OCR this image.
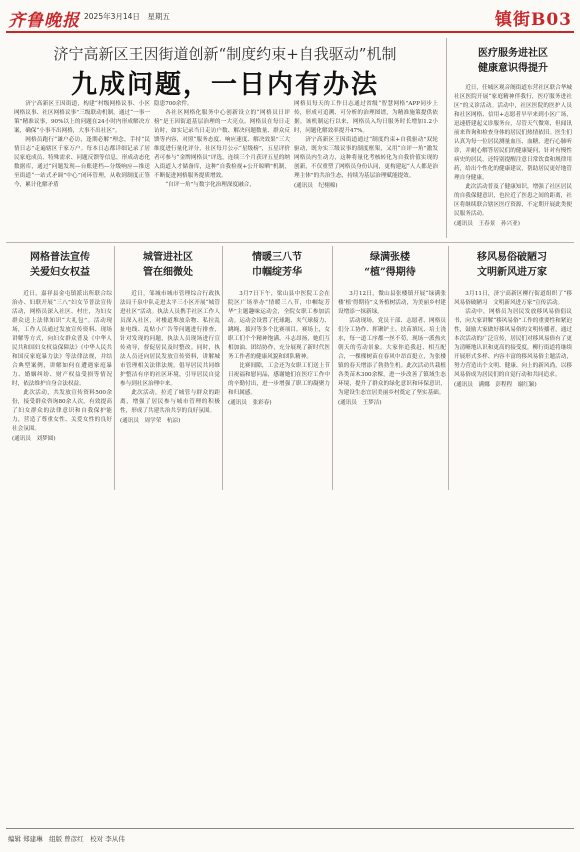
齐鲁晚报 2025年3月14日　星期五	镇街B03
济宁高新区王因街道创新“制度约束+自我驱动”机制
九成问题，一日内有办法

济宁高新区王因街道，构建“村级网格议事、小区网格议事、社区网格议事”三级联动机制，通过“一事一策”精准议事，90%以上的问题在24小时内形成解决方案，确保“小事不出网格，大事不出社区”。

网格员跑行“谦户必访，逢期必解”理念，手持“民情日志”走遍辖区千家万户。每本日志都详细记录了居民家庭成员、特殊需求、问题反馈等信息，形成动态化数据库，通过“问题发现—台账建档—分级响应—推送至街道“一站式矛调”中心”闭环管理，从收到制度正签今，累计化解矛盾

隐患700余件。

各社区网格化服务中心创新设立的“网格员日评榜”是王因街道基层治理的一大亮点。网格员在每日走访时，如实记录当日走访户数、解决问题数量、群众反馈等内容，对照“服务态度、响应速度、解决效果”三大维度进行量化评分，社区每月公示“星级榜”，五星评价者可参与“金牌网格员”评选，连续三个月获评五星的纳入街道人才储备库，这种“自我检视+公开晾晒”机制，不断促进网格服务提质增效。

“自评一角”与数字化治理深度融合，

网格员每天的工作日志通过省级“智慧网格”APP同步上传，形成可追溯、可分析的治理图谱，为精准施策提供依据。该机制运行以来，网格员入均日服务时长增加1.2小时，问题化解效率提升47%。

济宁高新区王因街道通过“制度约束+自我驱动”双轮驱动，既夯实三级议事的制度框架，又用“自评一角”激发网格员内生动力，这种将量化考核转化为自我价值实现的创新，不仅重塑了网格员身份认同，更构建起“人人都是治理主体”的共治生态，持续为基层治理赋能提效。

(通讯员　纪栩棉)
医疗服务进社区
健康意识得提升

近日，任城区观音阁街道东营社区联合华城社区医院开展“家庭精神伴我行，医疗服务进社区”的义诊活动。活动中，社区医院的医护人员和社区网格、信用+志愿者早早来到小区广场，迅速搭建起义诊服务台，尽管天气微寒，但闻讯前来咨询和检查身体的居民们热情依旧。医生们认真为每一位居民测量血压、血糖，进行心肺听诊，并耐心解答居民们的健康疑问，针对有慢性病史的居民，还特别提醒注意日常饮食和规律用药，给出个性化的健康建议，帮助居民更好地管理自身健康。

此次活动普及了健康知识，增强了社区居民的自我保健意识，也拉近了医患之间的距离，社区将继续联合辖区医疗资源，不定期开展此类便民服务活动。

(通讯员　王春景　孙兴亚)
网格普法宣传
关爱妇女权益

近日，嘉祥县金屯镇派出所联合综治办、妇联开展“三八”妇女节普法宣传活动，网格员深入社区、村庄，为妇女群众送上法律知识“大礼包”。活动现场，工作人员通过发放宣传资料、现场讲解等方式，向妇女群众普及《中华人民共和国妇女权益保障法》《中华人民共和国反家庭暴力法》等法律法规，并结合典型案例，讲解如何在遭遇家庭暴力、婚姻纠纷、财产权益受损等情况时，依法维护自身合法权益。

此次活动，共发放宣传资料500余份，接受群众咨询80余人次，有效提高了妇女群众的法律意识和自我保护能力，营造了尊重女性、关爱女性的良好社会氛围。

(通讯员　刘梦圆)
城管进社区
管在细微处

近日，邹城市城市管理综合行政执法局千泉中队走进太平三小区开展“城管进社区”活动。执法人员携手社区工作人员深入社区，对楼道堆放杂物、私拉乱扯电线、乱贴小广告等问题进行排查，针对发现的问题，执法人员现场进行宣传劝导，督促居民及时整改。同时，执法人员还向居民发放宣传资料，讲解城市管理相关法律法规，倡导居民共同维护整洁有序的社区环境，引导居民自觉参与到社区治理中来。

此次活动，拉近了城管与群众的距离，增强了居民参与城市管理的积极性，形成了共建共治共享的良好氛围。

(通讯员　周学荣　杭凉)
情暖三八节
巾帼绽芳华

3月7日下午，梁山县中医院工会在院区广场举办“情暖三八节，巾帼绽芳华”主题趣味运动会，全院女职工参加活动。运动会设置了托球跑、夹气球接力、跳绳、拔河等多个比赛项目，赛场上，女职工们个个精神饱满、斗志昂扬，她们互相加油、团结协作，充分展现了新时代医务工作者的健康风貌和团队精神。

比赛间隙，工会还为女职工们送上节日祝福和慰问品，感谢她们在医疗工作中的辛勤付出，进一步增强了职工的凝聚力和归属感。

(通讯员　张彩春)
绿满张楼
“植”得期待

3月12日，微山县张楼镇开展“绿满张楼‘植’得期待”义务植树活动，为美丽乡村建设增添一抹新绿。

活动现场，党员干部、志愿者、网格员们分工协作、挥锹铲土、扶苗填坑、培土浇水，每一道工序都一丝不苟，现场一派热火朝天的劳动景象。大家你追我赶、相互配合，一棵棵树苗在春风中昂首挺立，为张楼镇的春天增添了勃勃生机。此次活动共栽植各类苗木300余棵，进一步改善了镇域生态环境，提升了群众的绿化意识和环保意识，为建设生态宜居美丽乡村奠定了坚实基础。

(通讯员　王梦洁)
移风易俗破陋习
文明新风进万家

3月11日，济宁高新区柳行街道组织了“移风易俗破陋习　文明新风进万家”宣传活动。

活动中，网格员为居民发放移风易俗倡议书，向大家讲解“移风易俗”工作的重要性和紧迫性，鼓励大家做好移风易俗的文明传播者，通过本次活动的广泛宣传，居民们对移风易俗有了更为清晰地认识和更高的接受度，柳行街道将继续开展形式多样、内容丰富的移风易俗主题活动，努力营造出个文明、健康、向上的新风尚，以移风易俗成为居民们的自觉行动和共同追求。

(通讯员　满娜　彭程程　谢红颖)
编辑 郑建琳　组版 曾彦红　校对 李从伟
